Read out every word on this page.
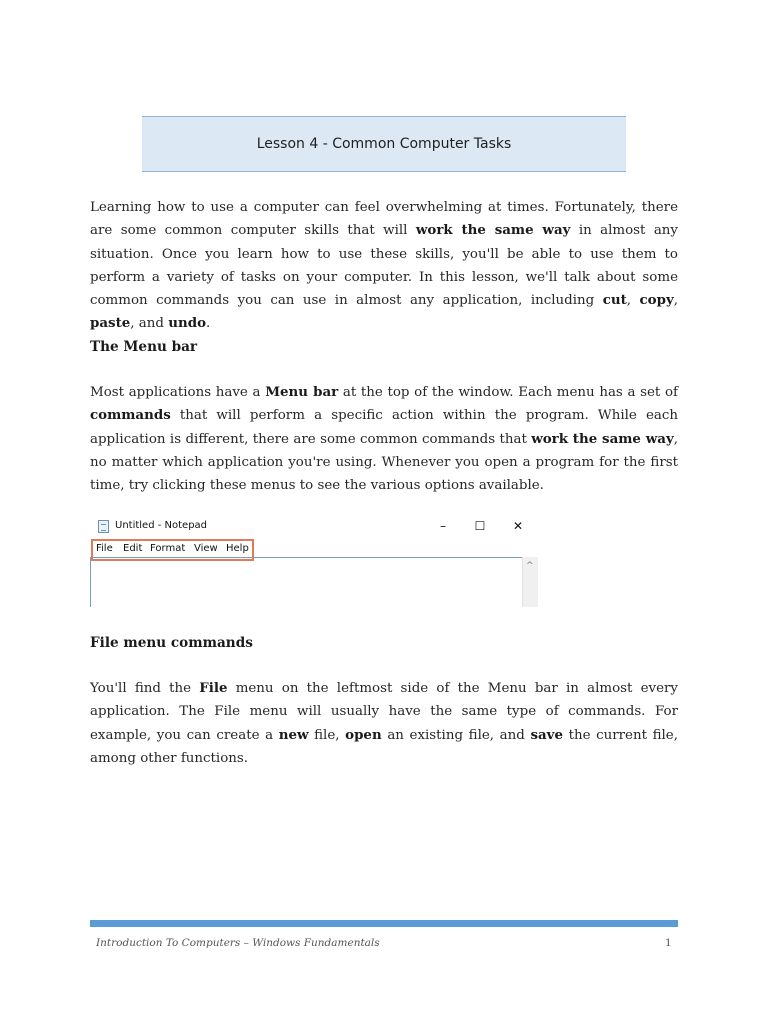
Lesson 4 - Common Computer Tasks

Learning how to use a computer can feel overwhelming at times. Fortunately, there are some common computer skills that will work the same way in almost any situation. Once you learn how to use these skills, you'll be able to use them to perform a variety of tasks on your computer. In this lesson, we'll talk about some common commands you can use in almost any application, including cut, copy, paste, and undo.

The Menu bar

Most applications have a Menu bar at the top of the window. Each menu has a set of commands that will perform a specific action within the program. While each application is different, there are some common commands that work the same way, no matter which application you're using. Whenever you open a program for the first time, try clicking these menus to see the various options available.

Untitled - Notepad	–	☐	✕
File Edit Format View Help
^

File menu commands

You'll find the File menu on the leftmost side of the Menu bar in almost every application. The File menu will usually have the same type of commands. For example, you can create a new file, open an existing file, and save the current file, among other functions.

Introduction To Computers – Windows Fundamentals	1
